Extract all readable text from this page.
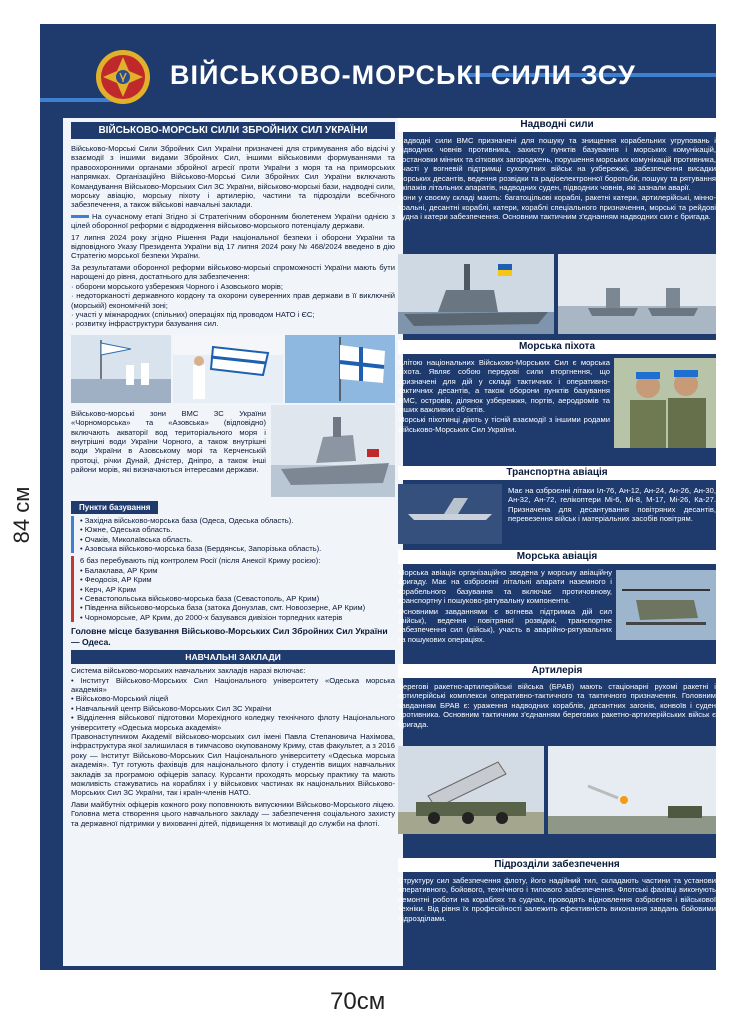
84 см
70см
ВІЙСЬКОВО-МОРСЬКІ СИЛИ ЗСУ
ВІЙСЬКОВО-МОРСЬКІ СИЛИ ЗБРОЙНИХ СИЛ УКРАЇНИ

Військово-Морські Сили Збройних Сил України призначені для стримування або відсічі у взаємодії з іншими видами Збройних Сил, іншими військовими формуваннями та правоохоронними органами збройної агресії проти України з моря та на приморських напрямках. Організаційно Військово-Морські Сили Збройних Сил України включають Командування Військово-Морських Сил ЗС України, військово-морські бази, надводні сили, морську авіацію, морську піхоту і артилерію, частини та підрозділи всебічного забезпечення, а також військові навчальні заклади.

На сучасному етапі Згідно зі Стратегічним оборонним бюлетенем України однією з цілей оборонної реформи є відродження військово-морського потенціалу держави.

17 липня 2024 року згідно Рішення Ради національної безпеки і оборони України та відповідного Указу Президента України від 17 липня 2024 року № 468/2024 введено в дію Стратегію морської безпеки України.

За результатами оборонної реформи військово-морські спроможності України мають бути нарощені до рівня, достатнього для забезпечення:

· оборони морського узбережжя Чорного і Азовського морів;
· недоторканості державного кордону та охорони суверенних прав держави в її виключній (морській) економічній зоні;
· участі у міжнародних (спільних) операціях під проводом НАТО і ЄС;
· розвитку інфраструктури базування сил.
Військово-морські зони ВМС ЗС України «Чорноморська» та «Азовська» (відповідно) включають акваторії вод територіального моря і внутрішні води України Чорного, а також внутрішні води України в Азовському морі та Керченській протоці, річки Дунай, Дністер, Дніпро, а також інші райони морів, які визначаються інтересами держави.
Пункти базування
• Західна військово-морська база (Одеса, Одеська область).
• Южне, Одеська область.
• Очаків, Миколаївська область.
• Азовська військово-морська база (Бердянськ, Запорізька область).
6 баз перебувають під контролем Росії (після Анексії Криму росією):
• Балаклава, АР Крим
• Феодосія, АР Крим
• Керч, АР Крим
• Севастопольська військово-морська база (Севастополь, АР Крим)
• Південна військово-морська база (затока Донузлав, смт. Новоозерне, АР Крим)
• Чорноморське, АР Крим, до 2000-х базувався дивізіон торпедних катерів
Головне місце базування Військово-Морських Сил Збройних Сил України — Одеса.
НАВЧАЛЬНІ ЗАКЛАДИ
Система військово-морських навчальних закладів наразі включає:
• Інститут Військово-Морських Сил Національного університету «Одеська морська академія»
• Військово-Морський ліцей
• Навчальний центр Військово-Морських Сил ЗС України
• Відділення військової підготовки Морехідного коледжу технічного флоту Національного університету «Одеська морська академія»

Правонаступником Академії військово-морських сил імені Павла Степановича Нахімова, інфраструктура якої залишилася в тимчасово окупованому Криму, став факультет, а з 2016 року — Інститут Військово-Морських Сил Національного університету «Одеська морська академія». Тут готують фахівців для національного флоту і студентів вищих навчальних закладів за програмою офіцерів запасу. Курсанти проходять морську практику та мають можливість стажуватись на кораблях і у військових частинах як національних Військово-Морських Сил ЗС України, так і країн-членів НАТО.

Лави майбутніх офіцерів кожного року поповнюють випускники Військово-Морського ліцею. Головна мета створення цього навчального закладу — забезпечення соціального захисту та державної підтримки у вихованні дітей, підвищення їх мотивації до служби на флоті.

Надводні сили

Надводні сили ВМС призначені для пошуку та знищення корабельних угруповань і підводних човнів противника, захисту пунктів базування і морських комунікацій, постановки мінних та сіткових загороджень, порушення морських комунікацій противника, участі у вогневій підтримці сухопутних військ на узбережжі, забезпечення висадки морських десантів, ведення розвідки та радіоелектронної боротьби, пошуку та рятування екіпажів літальних апаратів, надводних суден, підводних човнів, які зазнали аварії.

Вони у своєму складі мають: багатоцільові кораблі, ракетні катери, артилерійські, мінно-тральні, десантні кораблі, катери, кораблі спеціального призначення, морські та рейдові судна і катери забезпечення. Основним тактичним з'єднанням надводних сил є бригада.

Морська піхота

Елітою національних Військово-Морських Сил є морська піхота. Являє собою передові сили вторгнення, що призначені для дій у складі тактичних і оперативно-тактичних десантів, а також оборони пунктів базування ВМС, островів, ділянок узбережжя, портів, аеродромів та інших важливих об'єктів.

Морські піхотинці діють у тісній взаємодії з іншими родами Військово-Морських Сил України.

Транспортна авіація
Має на озброєнні літаки Іл-76, Ан-12, Ан-24, Ан-26, Ан-30, Ан-32, Ан-72, гелікоптери Мі-6, Мі-8, М-17, Мі-26, Ка-27. Призначена для десантування повітряних десантів, перевезення військ і матеріальних засобів повітрям.
Морська авіація

Морська авіація організаційно зведена у морську авіаційну бригаду. Має на озброєнні літальні апарати наземного і корабельного базування та включає протичовнову, транспортну і пошуково-рятувальну компоненти.

Основними завданнями є вогнева підтримка дій сил (військ), ведення повітряної розвідки, транспортне забезпечення сил (військ), участь в аварійно-рятувальних та пошукових операціях.

Артилерія
Берегові ракетно-артилерійські війська (БРАВ) мають стаціонарні рухомі ракетні і артилерійські комплекси оперативно-тактичного та тактичного призначення. Головним завданням БРАВ є: ураження надводних кораблів, десантних загонів, конвоїв і суден противника. Основним тактичним з'єднанням берегових ракетно-артилерійських військ є бригада.
Підрозділи забезпечення
Структуру сил забезпечення флоту, його надійний тил, складають частини та установи оперативного, бойового, технічного і тилового забезпечення. Флотські фахівці виконують ремонтні роботи на кораблях та суднах, проводять відновлення озброєння і військової техніки. Від рівня їх професійності залежить ефективність виконання завдань бойовими підрозділами.
